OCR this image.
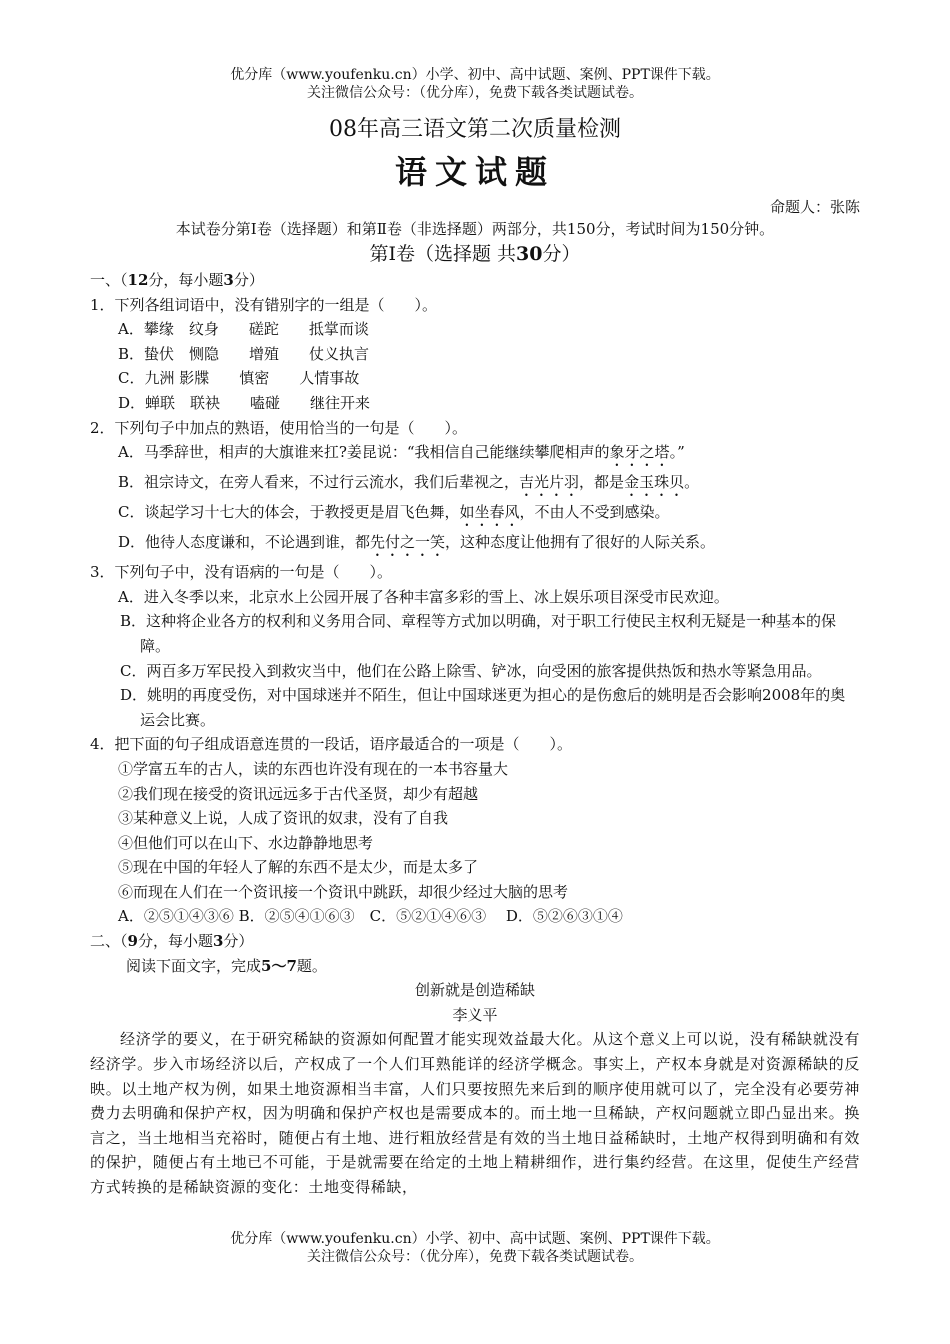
优分库（www.youfenku.cn）小学、初中、高中试题、案例、PPT课件下载。
关注微信公众号：（优分库），免费下载各类试题试卷。
08年高三语文第二次质量检测
语文试题
命题人：张陈
本试卷分第Ⅰ卷（选择题）和第Ⅱ卷（非选择题）两部分，共150分，考试时间为150分钟。
第Ⅰ卷（选择题 共30分）
一、（12分，每小题3分）
1．下列各组词语中，没有错别字的一组是（　　）。
A．攀缘　纹身　　磋跎　　抵掌而谈
B．蛰伏　恻隐　　增殖　　仗义执言
C．九洲 影牒　　慎密　　人情事故
D．蝉联　联袂　　嗑碰　　继往开来
2．下列句子中加点的熟语，使用恰当的一句是（　　）。
A．马季辞世，相声的大旗谁来扛?姜昆说：“我相信自己能继续攀爬相声的象牙之塔。”
B．祖宗诗文，在旁人看来，不过行云流水，我们后辈视之，吉光片羽，都是金玉珠贝。
C．谈起学习十七大的体会，于教授更是眉飞色舞，如坐春风，不由人不受到感染。
D．他待人态度谦和，不论遇到谁，都先付之一笑，这种态度让他拥有了很好的人际关系。
3．下列句子中，没有语病的一句是（　　）。
A．进入冬季以来，北京水上公园开展了各种丰富多彩的雪上、冰上娱乐项目深受市民欢迎。
B．这种将企业各方的权利和义务用合同、章程等方式加以明确，对于职工行使民主权利无疑是一种基本的保障。
C．两百多万军民投入到救灾当中，他们在公路上除雪、铲冰，向受困的旅客提供热饭和热水等紧急用品。
D．姚明的再度受伤，对中国球迷并不陌生，但让中国球迷更为担心的是伤愈后的姚明是否会影响2008年的奥运会比赛。
4．把下面的句子组成语意连贯的一段话，语序最适合的一项是（　　）。
①学富五车的古人，读的东西也许没有现在的一本书容量大
②我们现在接受的资讯远远多于古代圣贤，却少有超越
③某种意义上说，人成了资讯的奴隶，没有了自我
④但他们可以在山下、水边静静地思考
⑤现在中国的年轻人了解的东西不是太少，而是太多了
⑥而现在人们在一个资讯接一个资讯中跳跃，却很少经过大脑的思考
A．②⑤①④③⑥ B．②⑤④①⑥③　C．⑤②①④⑥③　 D．⑤②⑥③①④
二、（9分，每小题3分）
阅读下面文字，完成5～7题。
创新就是创造稀缺
李义平
经济学的要义，在于研究稀缺的资源如何配置才能实现效益最大化。从这个意义上可以说，没有稀缺就没有经济学。步入市场经济以后，产权成了一个人们耳熟能详的经济学概念。事实上，产权本身就是对资源稀缺的反映。以土地产权为例，如果土地资源相当丰富，人们只要按照先来后到的顺序使用就可以了，完全没有必要劳神费力去明确和保护产权，因为明确和保护产权也是需要成本的。而土地一旦稀缺，产权问题就立即凸显出来。换言之，当土地相当充裕时，随便占有土地、进行粗放经营是有效的当土地日益稀缺时，土地产权得到明确和有效的保护，随便占有土地已不可能，于是就需要在给定的土地上精耕细作，进行集约经营。在这里，促使生产经营方式转换的是稀缺资源的变化：土地变得稀缺，
优分库（www.youfenku.cn）小学、初中、高中试题、案例、PPT课件下载。
关注微信公众号：（优分库），免费下载各类试题试卷。
